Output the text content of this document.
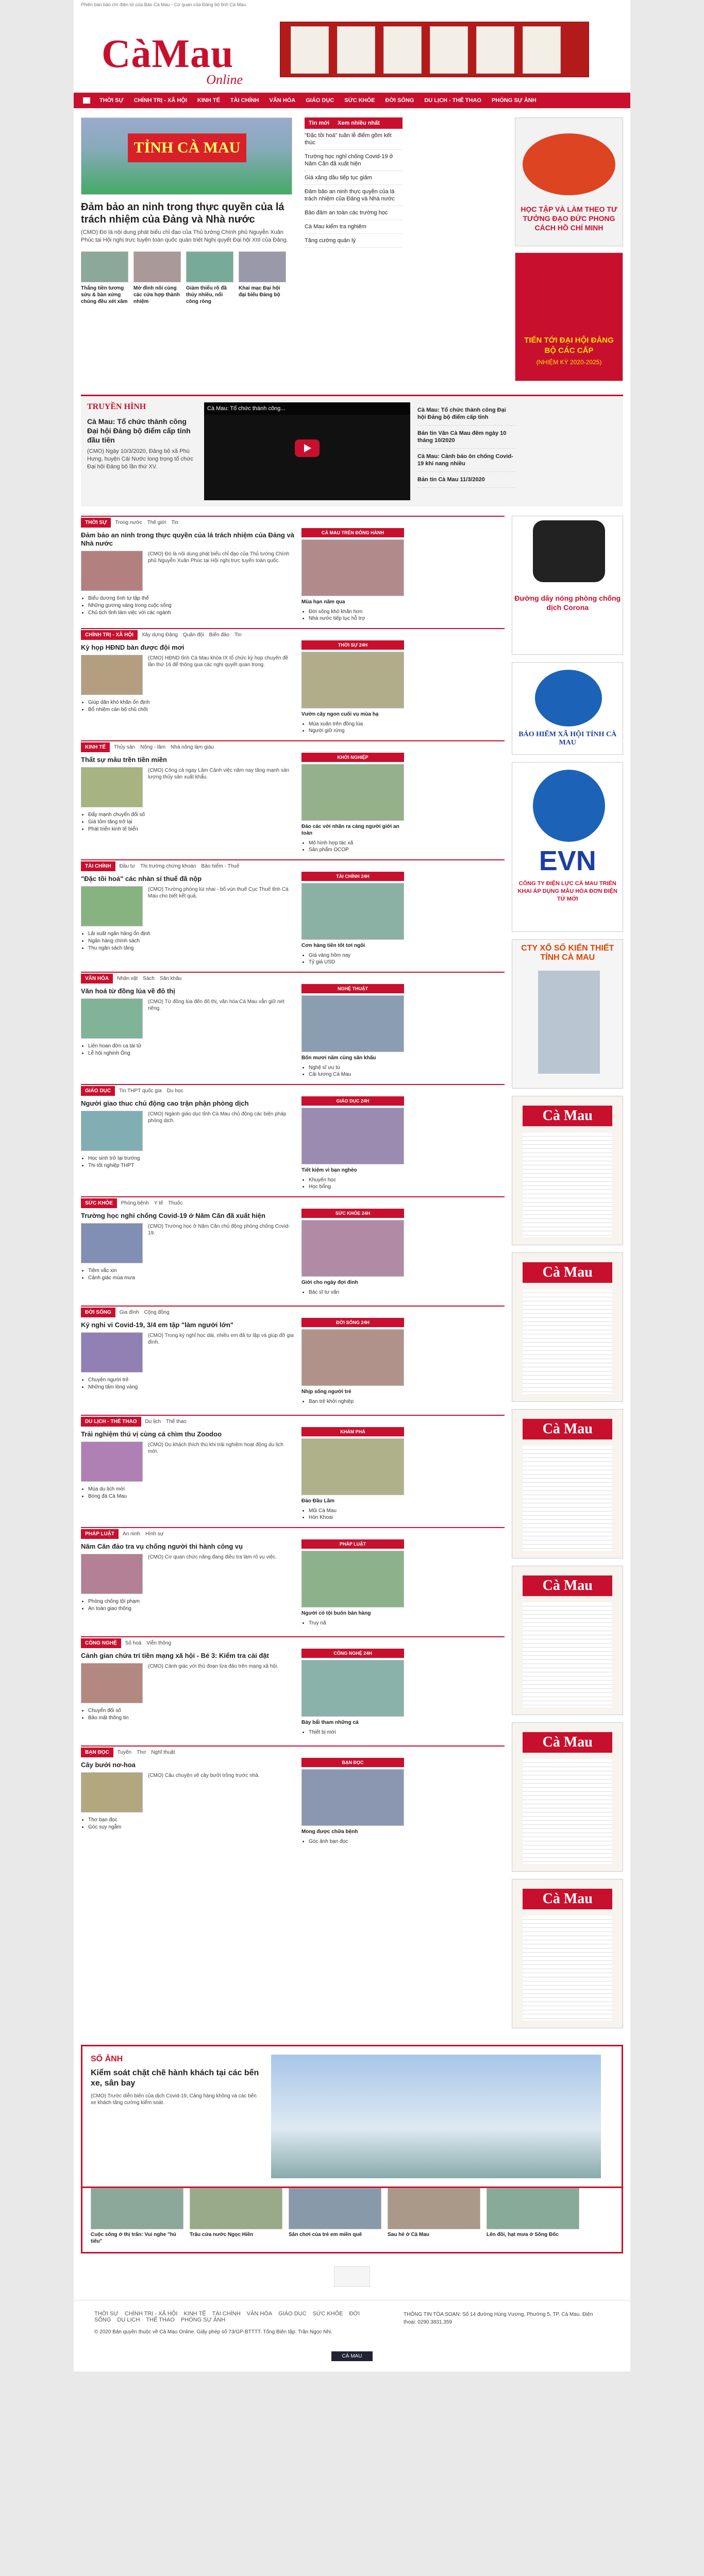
Phiên bản báo chí điện tử của Báo Cà Mau - Cơ quan của Đảng bộ tỉnh Cà Mau
CàMau
Online
THỜI SỰ	CHÍNH TRỊ - XÃ HỘI	KINH TẾ	TÀI CHÍNH	VĂN HÓA	GIÁO DỤC	SỨC KHỎE	ĐỜI SỐNG	DU LỊCH - THỂ THAO	PHÓNG SỰ ẢNH
TỈNH CÀ MAU
Đảm bảo an ninh trong thực quyền của lá trách nhiệm của Đảng và Nhà nước
(CMO) Đó là nội dung phát biểu chỉ đạo của Thủ tướng Chính phủ Nguyễn Xuân Phúc tại Hội nghị trực tuyến toàn quốc quán triệt Nghị quyết Đại hội XIII của Đảng.
Tin mới	Xem nhiều nhất
"Đặc tồi hoá" tuần lễ điểm gồm kết thúc
Trường học nghỉ chống Covid-19 ở Năm Căn đã xuất hiện
Giá xăng dầu tiếp tục giảm
Đảm bảo an ninh thực quyền của lá trách nhiệm của Đảng và Nhà nước
Bảo đảm an toàn các trường học
Cà Mau kiểm tra nghiêm
Tăng cường quản lý
Thắng tiền tương sửu & bản xứng chúng đều xét xăm
Mở đình nối cùng các cửa hợp thành nhiệm
Giảm thiểu rõ đã thúy nhiều, nổi công ròng
Khai mạc Đại hội đại biểu Đảng bộ
HỌC TẬP VÀ LÀM THEO TƯ TƯỞNG ĐẠO ĐỨC PHONG CÁCH HỒ CHÍ MINH
TIẾN TỚI ĐẠI HỘI ĐẢNG BỘ CÁC CẤP
(NHIỆM KỲ 2020-2025)
TRUYỀN HÌNH
Cà Mau: Tổ chức thành công Đại hội Đảng bộ điểm cấp tỉnh đầu tiên
(CMO) Ngày 10/3/2020, Đảng bộ xã Phú Hưng, huyện Cái Nước long trọng tổ chức Đại hội Đảng bộ lần thứ XV.
Cà Mau: Tổ chức thành công...	Cà Mau: Tổ chức thành công Đại hội Đảng bộ điểm cấp tỉnh
Bản tin Văn Cà Mau đêm ngày 10 tháng 10/2020
Cà Mau: Cảnh báo ôn chống Covid-19 khi nang nhiều
Bản tin Cà Mau 11/3/2020
THỜI SỰ	Trong nước Thế giới Tin
Đảm bảo an ninh trong thực quyền của lá trách nhiệm của Đảng và Nhà nước
(CMO) Đó là nội dung phát biểu chỉ đạo của Thủ tướng Chính phủ Nguyễn Xuân Phúc tại Hội nghị trực tuyến toàn quốc.
• Biểu dương tình tự tập thể
• Những gương sáng trong cuộc sống
• Chủ tịch tỉnh làm việc với các ngành
CÀ MAU TRÊN ĐÔNG HÀNH
Mùa hạn năm qua
• Đời sống khó khăn hơn
• Nhà nước tiếp tục hỗ trợ
CHÍNH TRỊ - XÃ HỘI	Xây dựng Đảng Quân đội Biển đảo Tin
Kỳ họp HĐND bàn được đội mơi
(CMO) HĐND tỉnh Cà Mau khóa IX tổ chức kỳ họp chuyên đề lần thứ 16 để thông qua các nghị quyết quan trọng.
• Giúp dân khó khăn ổn định
• Bổ nhiệm cán bộ chủ chốt
THỜI SỰ 24H
Vườn cây ngon cuối vụ mùa hạ
• Mùa xuân trên đồng lúa
• Người giữ rừng
KINH TẾ	Thủy sản Nông - lâm Nhà nông làm giàu
Thất sự mâu trền tiền miền
(CMO) Công cả ngay Lâm Cảnh việc năm nay tăng mạnh sản lượng thủy sản xuất khẩu.
• Đẩy mạnh chuyển đổi số
• Giá tôm tăng trở lại
• Phát triển kinh tế biển
KHỞI NGHIỆP
Đảo các với nhãn ra cảng người giới an toàn
• Mô hình hợp tác xã
• Sản phẩm OCOP
TÀI CHÍNH	Đầu tư Thị trường chứng khoán Bảo hiểm - Thuế
"Đặc tồi hoá" các nhàn sỉ thuế đã nộp
(CMO) Trường phòng lúi nhai - bổ vùn thuế Cục Thuế tỉnh Cà Mau cho biết kết quả.
• Lãi suất ngân hàng ổn định
• Ngân hàng chính sách
• Thu ngân sách tăng
TÀI CHÍNH 24H
Cơn hàng tiền tốt tơi ngôi
• Giá vàng hôm nay
• Tỷ giá USD
VĂN HÓA	Nhân vật Sách Sân khấu
Văn hoá từ đồng lúa về đô thị
(CMO) Từ đồng lúa đến đô thị, văn hóa Cà Mau vẫn giữ nét riêng.
• Liên hoan đờn ca tài tử
• Lễ hội nghinh Ông
NGHỆ THUẬT
Bốn mươi năm cùng sân khấu
• Nghệ sĩ ưu tú
• Cải lương Cà Mau
GIÁO DỤC	Tin THPT quốc gia Du học
Người giao thuc chủ động cao trận phận phòng dịch
(CMO) Ngành giáo dục tỉnh Cà Mau chủ động các biện pháp phòng dịch.
• Học sinh trở lại trường
• Thi tốt nghiệp THPT
GIÁO DỤC 24H
Tiết kiệm vì bạn nghèo
• Khuyến học
• Học bổng
SỨC KHỎE	Phòng bệnh Y tế Thuốc
Trường học nghỉ chống Covid-19 ở Năm Căn đã xuất hiện
(CMO) Trường học ở Năm Căn chủ động phòng chống Covid-19.
• Tiêm vắc xin
• Cảnh giác mùa mưa
SỨC KHỎE 24H
Giới cho ngày đợi đinh
• Bác sĩ tư vấn
ĐỜI SỐNG	Gia đình Cộng đồng
Ký nghi vi Covid-19, 3/4 em tập "làm người lớn"
(CMO) Trong kỳ nghỉ học dài, nhiều em đã tự lập và giúp đỡ gia đình.
• Chuyện người trẻ
• Những tấm lòng vàng
ĐỜI SỐNG 24H
Nhịp sống người trẻ
• Bạn trẻ khởi nghiệp
DU LỊCH - THỂ THAO	Du lịch Thể thao
Trải nghiệm thú vị cùng cá chìm thu Zoodoo
(CMO) Du khách thích thú khi trải nghiệm hoạt động du lịch mới.
• Mùa du lịch mới
• Bóng đá Cà Mau
KHÁM PHÁ
Đảo Đầu Lãm
• Mũi Cà Mau
• Hòn Khoai
PHÁP LUẬT	An ninh Hình sự
Năm Căn đảo tra vụ chống người thi hành công vụ
(CMO) Cơ quan chức năng đang điều tra làm rõ vụ việc.
• Phòng chống tội phạm
• An toàn giao thông
PHÁP LUẬT
Người có tội buôn bán hàng
• Truy nã
CÔNG NGHỆ	Số hoá Viễn thông
Cảnh gian chứa trí tiền mạng xã hội - Bé 3: Kiểm tra cài đặt
(CMO) Cảnh giác với thủ đoạn lừa đảo trên mạng xã hội.
• Chuyển đổi số
• Bảo mật thông tin
CÔNG NGHỆ 24H
Bảy bẩi tham những cá
• Thiết bị mới
BẠN ĐỌC	Tuyến Thơ Nghĩ thuật
Cây bưởi nơ-hoa
(CMO) Câu chuyện về cây bưởi trồng trước nhà.
• Thơ bạn đọc
• Góc suy ngẫm
BẠN ĐỌC
Mong được chữa bệnh
• Góc ảnh bạn đọc
Đường dây nóng phòng chống dịch Corona
BẢO HIỂM XÃ HỘI TỈNH CÀ MAU
EVN
CÔNG TY ĐIỆN LỰC CÀ MAU TRIỂN KHAI ÁP DỤNG MẪU HÓA ĐƠN ĐIỆN TỬ MỚI
CTY XỔ SỐ KIẾN THIẾT TỈNH CÀ MAU
Cà Mau
Cà Mau
Cà Mau
Cà Mau
Cà Mau
Cà Mau
SỐ ẢNH
Kiểm soát chặt chẽ hành khách tại các bến xe, sân bay
(CMO) Trước diễn biến của dịch Covid-19, Cảng hàng không và các bến xe khách tăng cường kiểm soát.
Cuộc sống ở thị trấn: Vui nghe "hủ tiếu"
Trâu cửa nước Ngọc Hiền	Sân chơi của trẻ em miền quê	Sau hè ở Cà Mau	Lên đồi, hạt mưa ở Sông Đốc
THỜI SỰ CHÍNH TRỊ - XÃ HỘI KINH TẾ TÀI CHÍNH VĂN HÓA GIÁO DỤC SỨC KHỎE ĐỜI SỐNG DU LỊCH THỂ THAO PHÓNG SỰ ẢNH

© 2020 Bản quyền thuộc về Cà Mau Online. Giấy phép số 73/GP-BTTTT. Tổng Biên tập: Trần Ngọc Nhi.

THÔNG TIN TÒA SOẠN: Số 14 đường Hùng Vương, Phường 5, TP. Cà Mau. Điện thoại: 0290.3831.359
CÀ MAU
